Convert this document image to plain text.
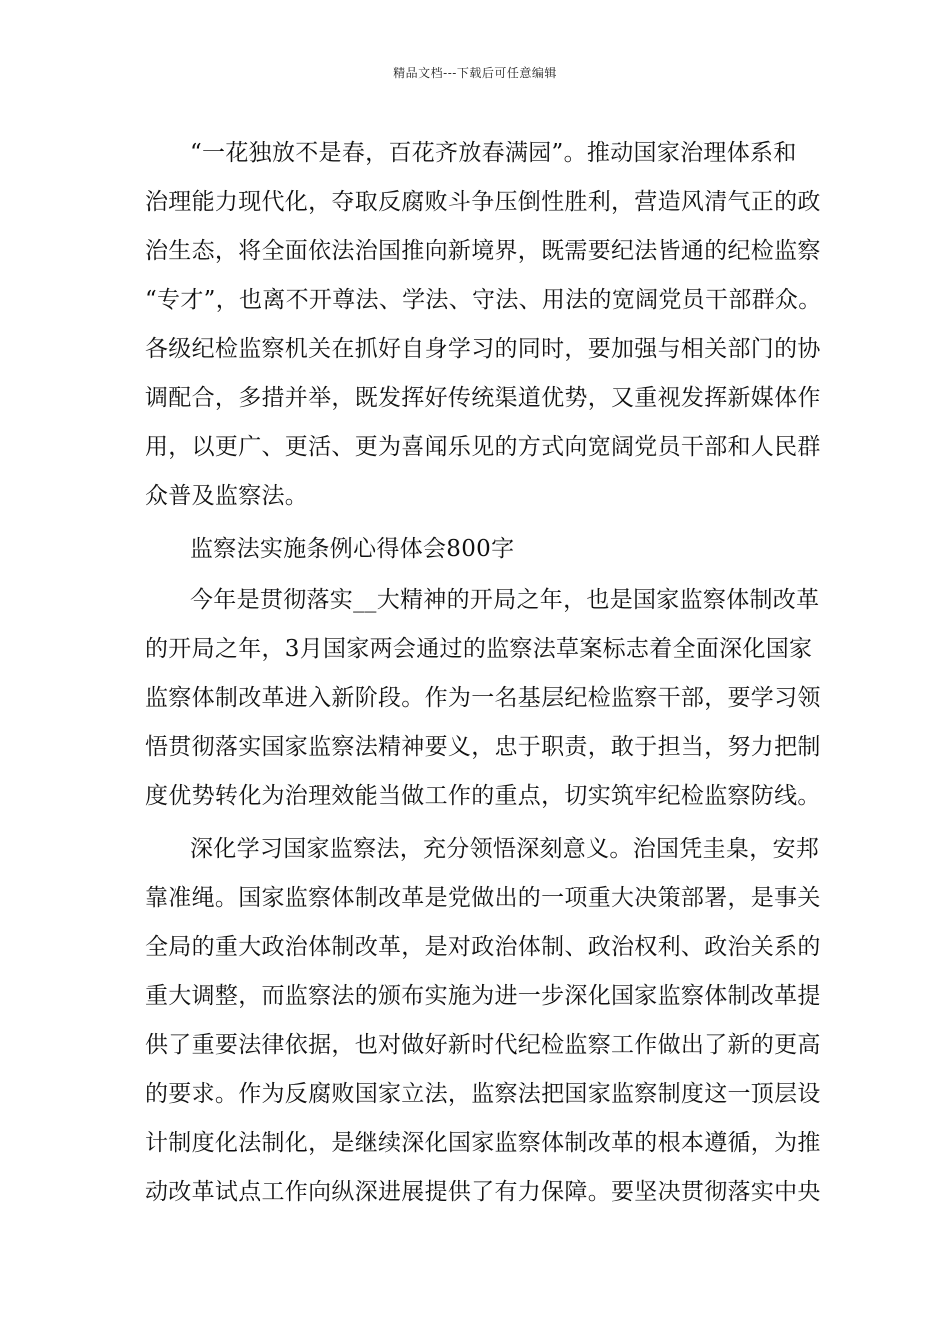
精品文档---下载后可任意编辑
“一花独放不是春，百花齐放春满园”。推动国家治理体系和
治理能力现代化，夺取反腐败斗争压倒性胜利，营造风清气正的政
治生态，将全面依法治国推向新境界，既需要纪法皆通的纪检监察
“专才”，也离不开尊法、学法、守法、用法的宽阔党员干部群众。
各级纪检监察机关在抓好自身学习的同时，要加强与相关部门的协
调配合，多措并举，既发挥好传统渠道优势，又重视发挥新媒体作
用，以更广、更活、更为喜闻乐见的方式向宽阔党员干部和人民群
众普及监察法。
监察法实施条例心得体会800字
今年是贯彻落实__大精神的开局之年，也是国家监察体制改革
的开局之年，3月国家两会通过的监察法草案标志着全面深化国家
监察体制改革进入新阶段。作为一名基层纪检监察干部，要学习领
悟贯彻落实国家监察法精神要义，忠于职责，敢于担当，努力把制
度优势转化为治理效能当做工作的重点，切实筑牢纪检监察防线。
深化学习国家监察法，充分领悟深刻意义。治国凭圭臬，安邦
靠准绳。国家监察体制改革是党做出的一项重大决策部署，是事关
全局的重大政治体制改革，是对政治体制、政治权利、政治关系的
重大调整，而监察法的颁布实施为进一步深化国家监察体制改革提
供了重要法律依据，也对做好新时代纪检监察工作做出了新的更高
的要求。作为反腐败国家立法，监察法把国家监察制度这一顶层设
计制度化法制化，是继续深化国家监察体制改革的根本遵循，为推
动改革试点工作向纵深进展提供了有力保障。要坚决贯彻落实中央
